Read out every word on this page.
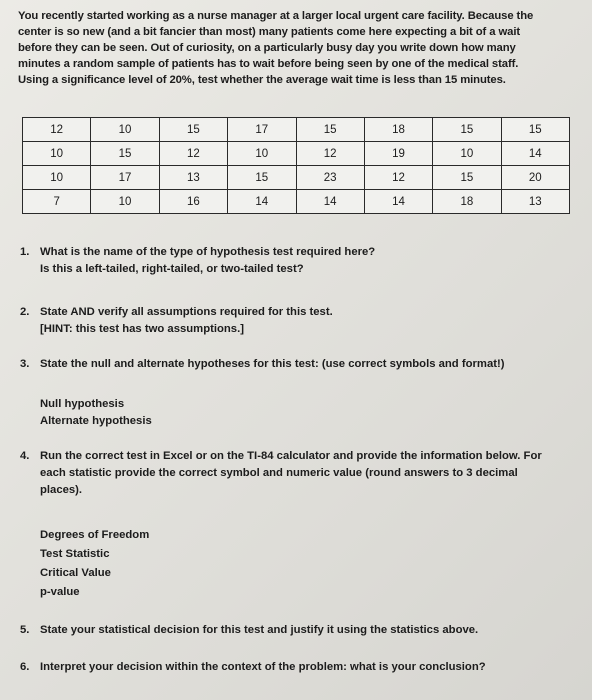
You recently started working as a nurse manager at a larger local urgent care facility. Because the
center is so new (and a bit fancier than most) many patients come here expecting a bit of a wait
before they can be seen. Out of curiosity, on a particularly busy day you write down how many
minutes a random sample of patients has to wait before being seen by one of the medical staff.
Using a significance level of 20%, test whether the average wait time is less than 15 minutes.
12	10	15	17	15	18	15	15
10	15	12	10	12	19	10	14
10	17	13	15	23	12	15	20
7	10	16	14	14	14	18	13
1. What is the name of the type of hypothesis test required here?
Is this a left-tailed, right-tailed, or two-tailed test?
2. State AND verify all assumptions required for this test.
[HINT: this test has two assumptions.]
3. State the null and alternate hypotheses for this test: (use correct symbols and format!)
Null hypothesis
Alternate hypothesis
4. Run the correct test in Excel or on the TI-84 calculator and provide the information below. For
each statistic provide the correct symbol and numeric value (round answers to 3 decimal
places).
Degrees of Freedom
Test Statistic
Critical Value
p-value
5. State your statistical decision for this test and justify it using the statistics above.
6. Interpret your decision within the context of the problem: what is your conclusion?
